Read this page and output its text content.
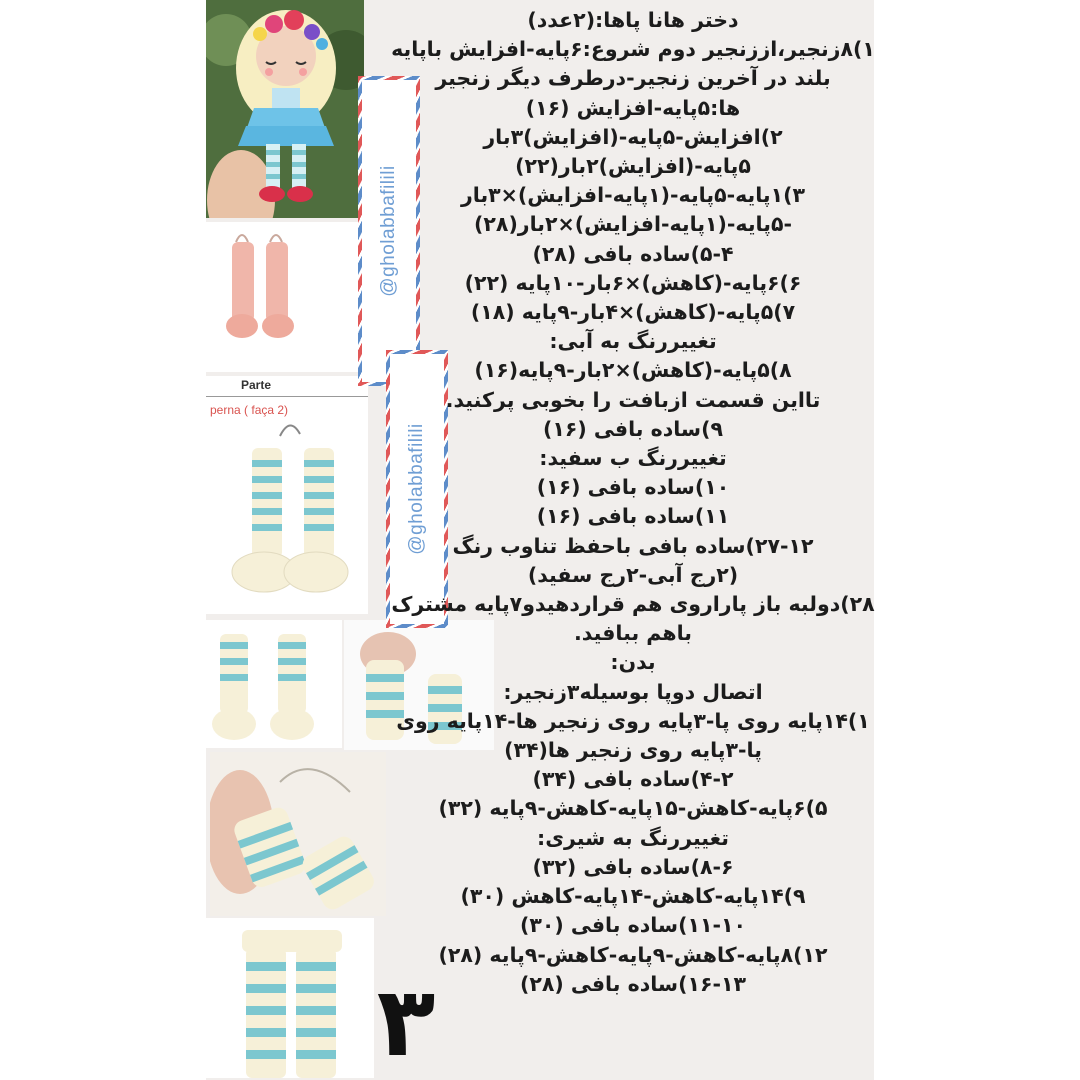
Parte
perna ( faça 2)
@gholabbafilili
@gholabbafilili
دختر هانا پاها:(۲عدد)
۱)۸زنجیر،اززنجیر دوم شروع:۶پایه-افزایش باپایه
بلند در آخرین زنجیر-درطرف دیگر زنجیر
ها:۵پایه-افزایش (۱۶)
۲)افزایش-۵پایه-(افزایش)۳بار
۵پایه-(افزایش)۲بار(۲۲)
۳)۱پایه-۵پایه-(۱پایه-افزایش)×۳بار
-۵پایه-(۱پایه-افزایش)×۲بار(۲۸)
۵-۴)ساده بافی (۲۸)
۶)۶پایه-(کاهش)×۶بار-۱۰پایه (۲۲)
۷)۵پایه-(کاهش)×۴بار-۹پایه (۱۸)
تغییررنگ به آبی:
۸)۵پایه-(کاهش)×۲بار-۹پایه(۱۶)
تااین قسمت ازبافت را بخوبی پرکنید.
۹)ساده بافی (۱۶)
تغییررنگ ب سفید:
۱۰)ساده بافی (۱۶)
۱۱)ساده بافی (۱۶)
۲۷-۱۲)ساده بافی باحفظ تناوب رنگ
(۲رج آبی-۲رج سفید)
۲۸)دولبه باز پاراروی هم قراردهیدو۷پایه مشترک
باهم ببافید.
بدن:
اتصال دوپا بوسیله۳زنجیر:
۱)۱۴پایه روی پا-۳پایه روی زنجیر ها-۱۴پایه روی
پا-۳پایه روی زنجیر ها(۳۴)
۴-۲)ساده بافی (۳۴)
۵)۶پایه-کاهش-۱۵پایه-کاهش-۹پایه (۳۲)
تغییررنگ به شیری:
۸-۶)ساده بافی (۳۲)
۹)۱۴پایه-کاهش-۱۴پایه-کاهش (۳۰)
۱۱-۱۰)ساده بافی (۳۰)
۱۲)۸پایه-کاهش-۹پایه-کاهش-۹پایه (۲۸)
۱۶-۱۳)ساده بافی (۲۸)
۳
